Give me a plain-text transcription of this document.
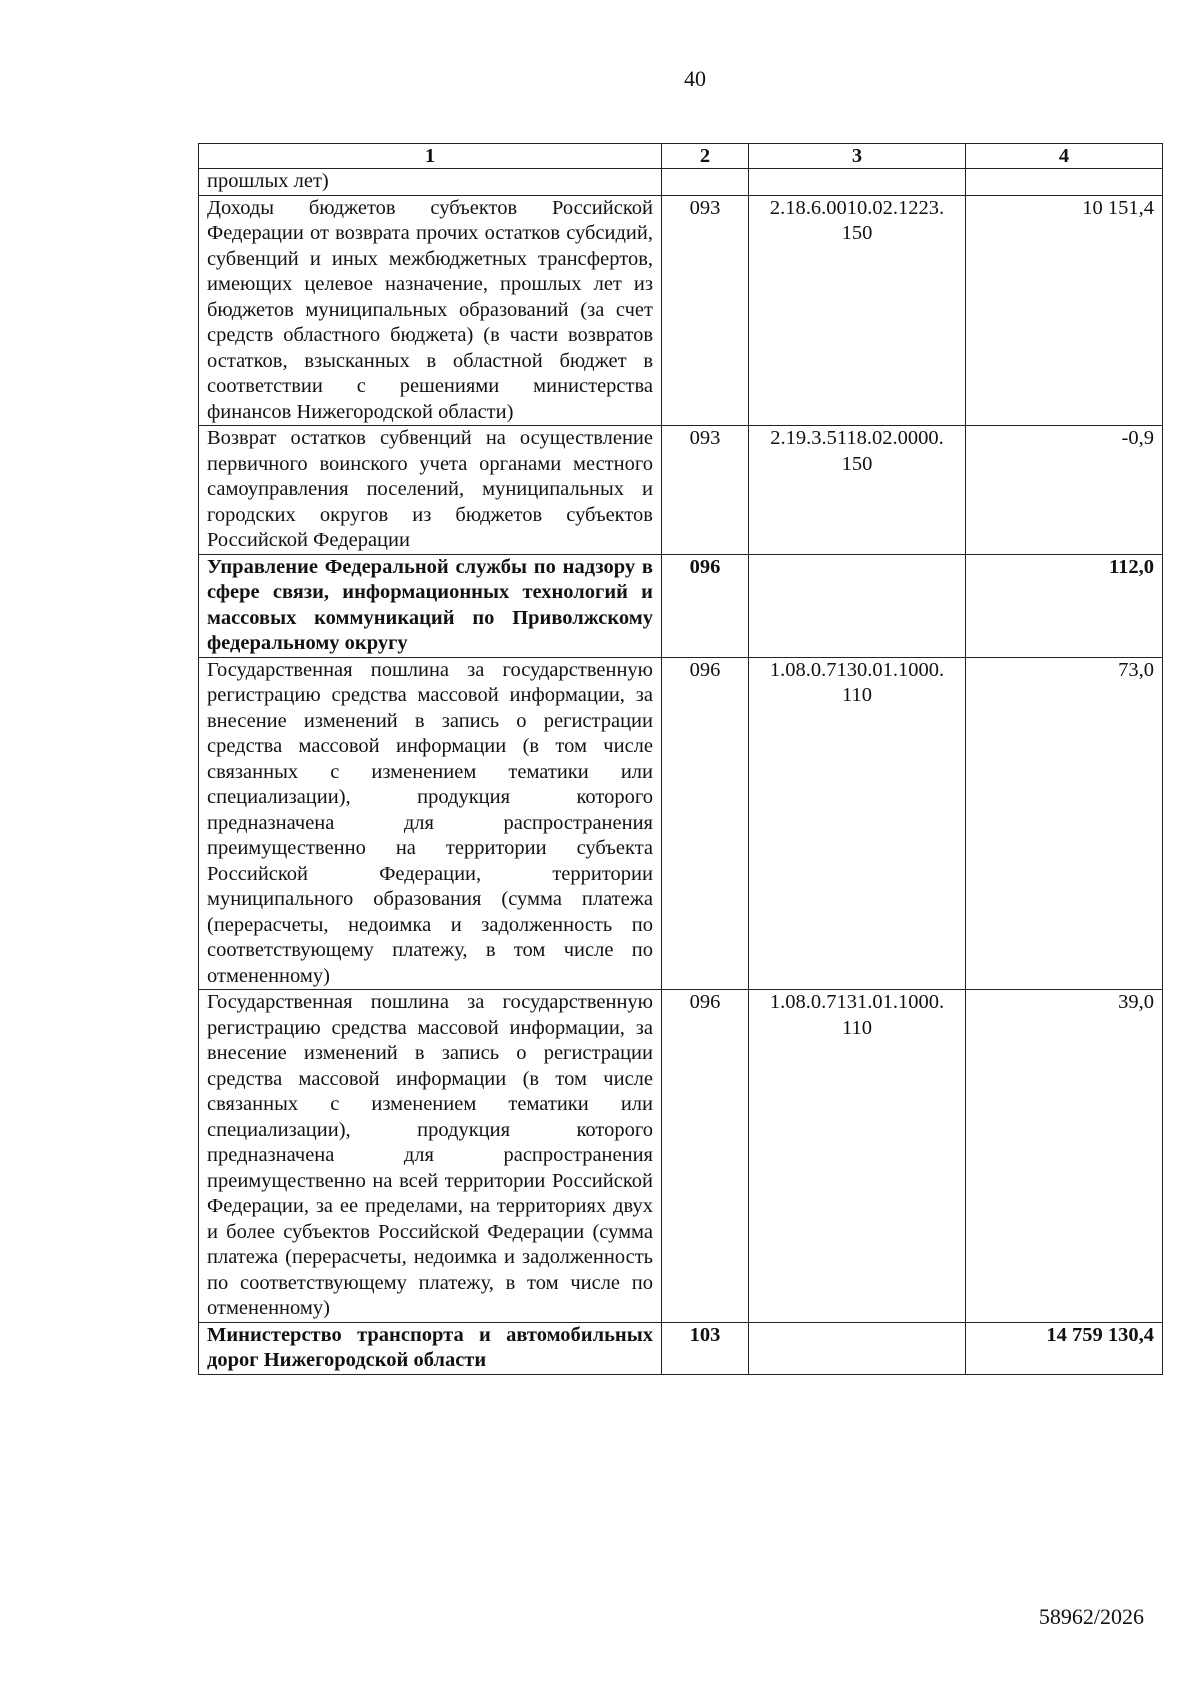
40
1	2	3	4
прошлых лет)			
Доходы бюджетов субъектов Российской Федерации от возврата прочих остатков субсидий, субвенций и иных межбюджетных трансфертов, имеющих целевое назначение, прошлых лет из бюджетов муниципальных образований (за счет средств областного бюджета) (в части возвратов остатков, взысканных в областной бюджет в соответствии с решениями министерства финансов Нижегородской области)	093	2.18.6.0010.02.1223. 150	10 151,4
Возврат остатков субвенций на осуществление первичного воинского учета органами местного самоуправления поселений, муниципальных и городских округов из бюджетов субъектов Российской Федерации	093	2.19.3.5118.02.0000. 150	-0,9
Управление Федеральной службы по надзору в сфере связи, информационных технологий и массовых коммуникаций по Приволжскому федеральному округу	096		112,0
Государственная пошлина за государственную регистрацию средства массовой информации, за внесение изменений в запись о регистрации средства массовой информации (в том числе связанных с изменением тематики или специализации), продукция которого предназначена для распространения преимущественно на территории субъекта Российской Федерации, территории муниципального образования (сумма платежа (перерасчеты, недоимка и задолженность по соответствующему платежу, в том числе по отмененному)	096	1.08.0.7130.01.1000. 110	73,0
Государственная пошлина за государственную регистрацию средства массовой информации, за внесение изменений в запись о регистрации средства массовой информации (в том числе связанных с изменением тематики или специализации), продукция которого предназначена для распространения преимущественно на всей территории Российской Федерации, за ее пределами, на территориях двух и более субъектов Российской Федерации (сумма платежа (перерасчеты, недоимка и задолженность по соответствующему платежу, в том числе по отмененному)	096	1.08.0.7131.01.1000. 110	39,0
Министерство транспорта и автомобильных дорог Нижегородской области	103		14 759 130,4
58962/2026
